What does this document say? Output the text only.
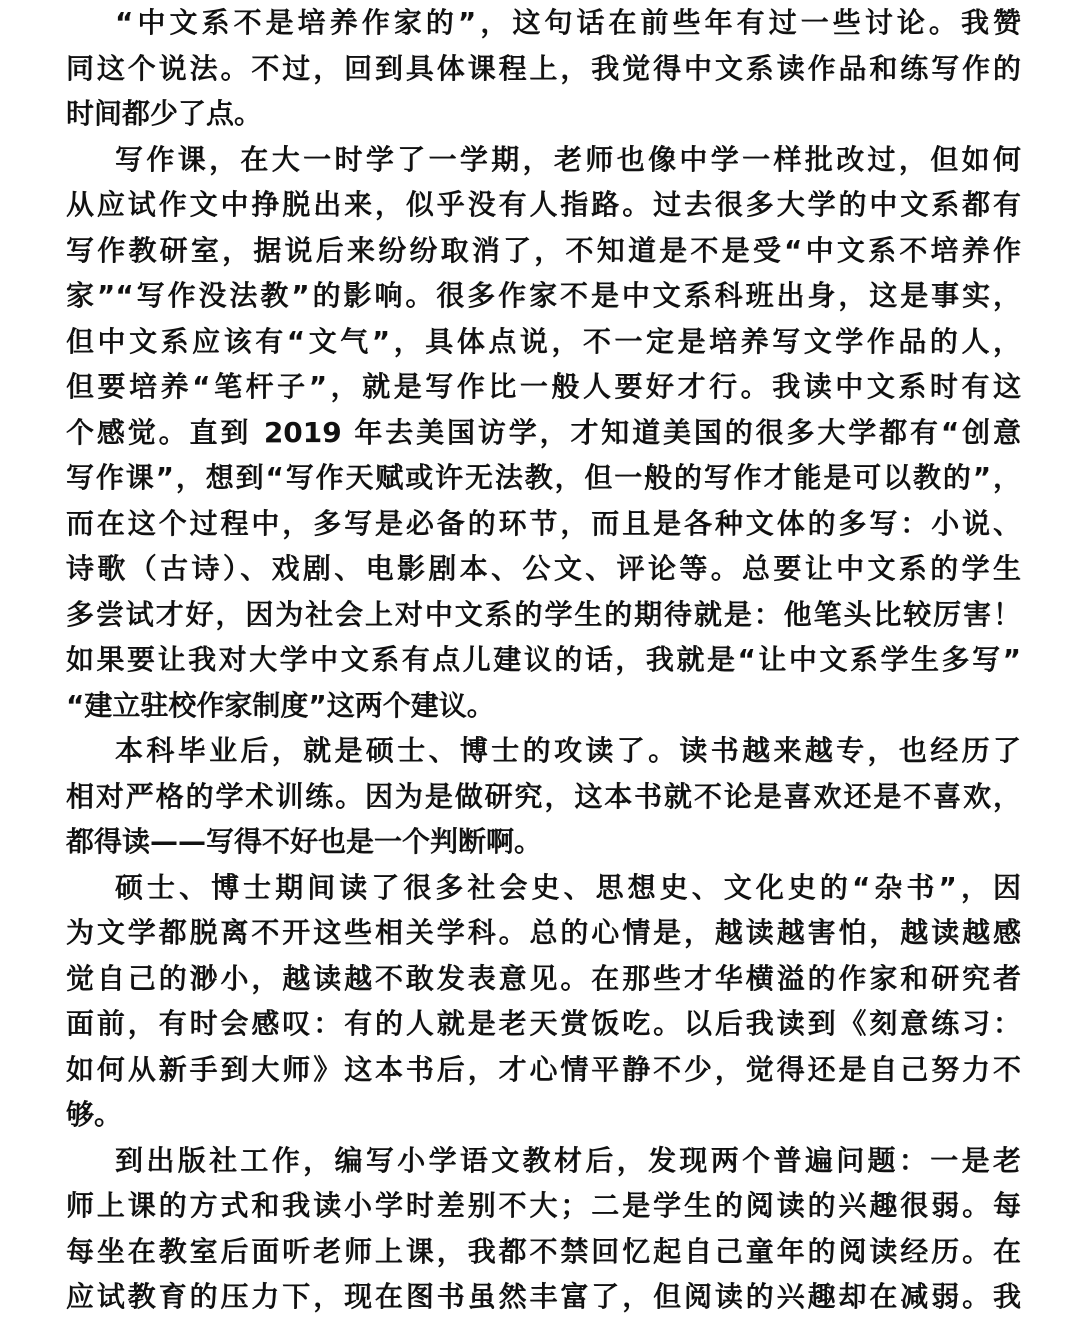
“中文系不是培养作家的”，这句话在前些年有过一些讨论。我赞
同这个说法。不过，回到具体课程上，我觉得中文系读作品和练写作的
时间都少了点。
写作课，在大一时学了一学期，老师也像中学一样批改过，但如何
从应试作文中挣脱出来，似乎没有人指路。过去很多大学的中文系都有
写作教研室，据说后来纷纷取消了，不知道是不是受“中文系不培养作
家”“写作没法教”的影响。很多作家不是中文系科班出身，这是事实，
但中文系应该有“文气”，具体点说，不一定是培养写文学作品的人，
但要培养“笔杆子”，就是写作比一般人要好才行。我读中文系时有这
个感觉。直到 2019 年去美国访学，才知道美国的很多大学都有“创意
写作课”，想到“写作天赋或许无法教，但一般的写作才能是可以教的”，
而在这个过程中，多写是必备的环节，而且是各种文体的多写：小说、
诗歌（古诗）、戏剧、电影剧本、公文、评论等。总要让中文系的学生
多尝试才好，因为社会上对中文系的学生的期待就是：他笔头比较厉害！
如果要让我对大学中文系有点儿建议的话，我就是“让中文系学生多写”
“建立驻校作家制度”这两个建议。
本科毕业后，就是硕士、博士的攻读了。读书越来越专，也经历了
相对严格的学术训练。因为是做研究，这本书就不论是喜欢还是不喜欢，
都得读——写得不好也是一个判断啊。
硕士、博士期间读了很多社会史、思想史、文化史的“杂书”，因
为文学都脱离不开这些相关学科。总的心情是，越读越害怕，越读越感
觉自己的渺小，越读越不敢发表意见。在那些才华横溢的作家和研究者
面前，有时会感叹：有的人就是老天赏饭吃。以后我读到《刻意练习：
如何从新手到大师》这本书后，才心情平静不少，觉得还是自己努力不
够。
到出版社工作，编写小学语文教材后，发现两个普遍问题：一是老
师上课的方式和我读小学时差别不大；二是学生的阅读的兴趣很弱。每
每坐在教室后面听老师上课，我都不禁回忆起自己童年的阅读经历。在
应试教育的压力下，现在图书虽然丰富了，但阅读的兴趣却在减弱。我
